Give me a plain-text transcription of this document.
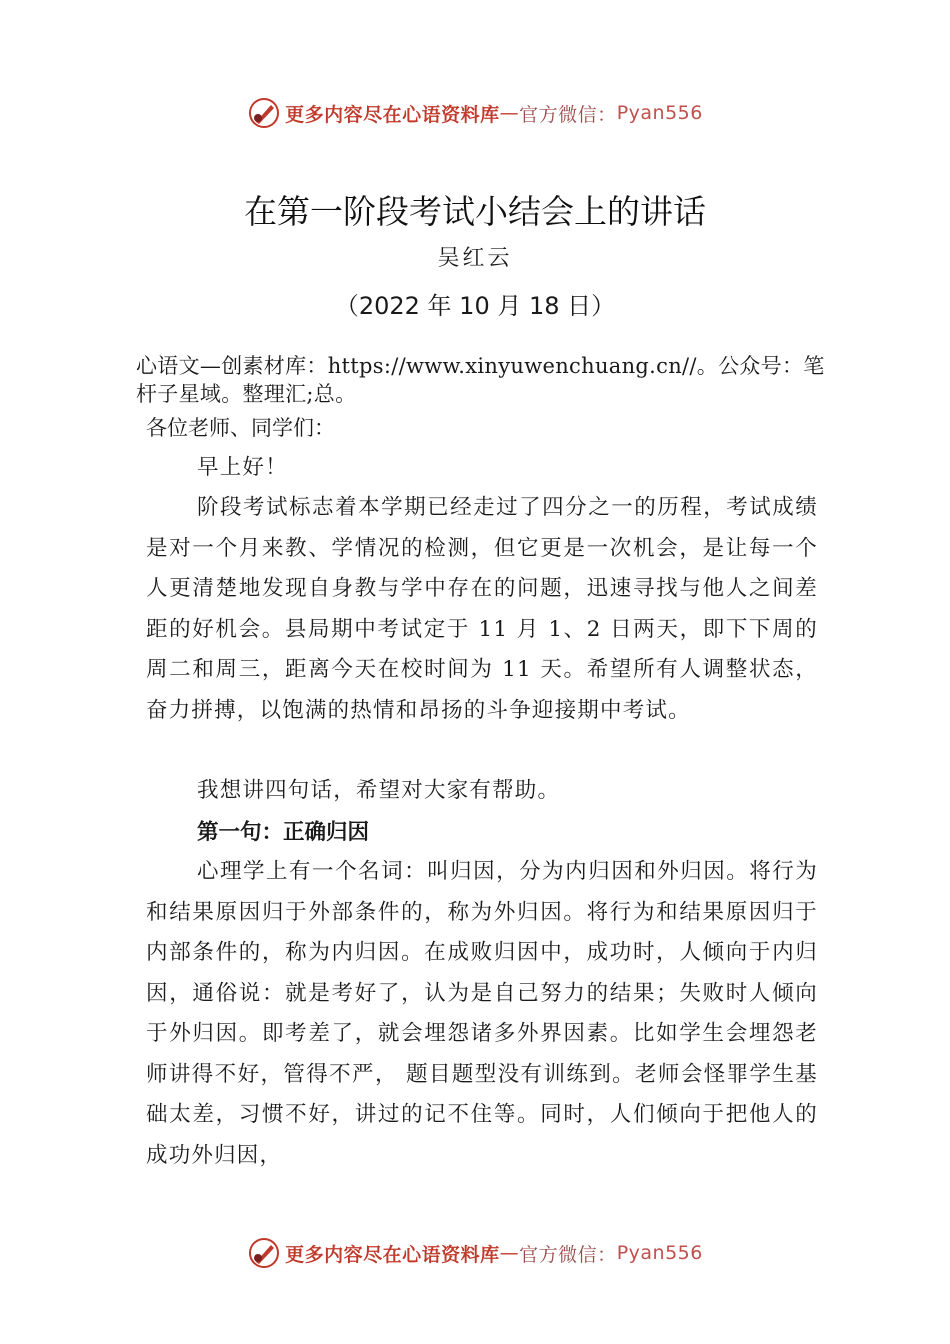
更多内容尽在心语资料库 — 官方微信： Pyan556
在第一阶段考试小结会上的讲话
吴红云
（2022 年 10 月 18 日）
心语文—创素材库：https://www.xinyuwenchuang.cn//。公众号：笔杆子星域。整理汇;总。
各位老师、同学们：

早上好！

阶段考试标志着本学期已经走过了四分之一的历程，考试成绩是对一个月来教、学情况的检测，但它更是一次机会，是让每一个人更清楚地发现自身教与学中存在的问题，迅速寻找与他人之间差距的好机会。县局期中考试定于 11 月 1、2 日两天，即下下周的周二和周三，距离今天在校时间为 11 天。希望所有人调整状态，奋力拼搏，以饱满的热情和昂扬的斗争迎接期中考试。

我想讲四句话，希望对大家有帮助。

第一句：正确归因

心理学上有一个名词：叫归因，分为内归因和外归因。将行为和结果原因归于外部条件的，称为外归因。将行为和结果原因归于内部条件的，称为内归因。在成败归因中，成功时，人倾向于内归因，通俗说：就是考好了，认为是自己努力的结果；失败时人倾向于外归因。即考差了，就会埋怨诸多外界因素。比如学生会埋怨老师讲得不好，管得不严， 题目题型没有训练到。老师会怪罪学生基础太差，习惯不好，讲过的记不住等。同时，人们倾向于把他人的成功外归因，

更多内容尽在心语资料库 — 官方微信： Pyan556
